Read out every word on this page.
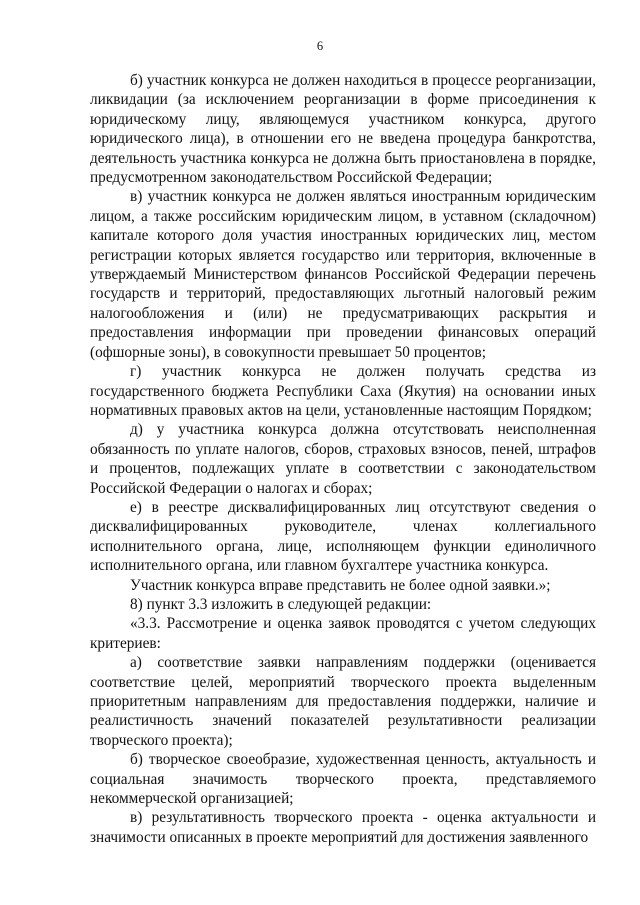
6

б) участник конкурса не должен находиться в процессе реорганизации, ликвидации (за исключением реорганизации в форме присоединения к юридическому лицу, являющемуся участником конкурса, другого юридического лица), в отношении его не введена процедура банкротства, деятельность участника конкурса не должна быть приостановлена в порядке, предусмотренном законодательством Российской Федерации;

в) участник конкурса не должен являться иностранным юридическим лицом, а также российским юридическим лицом, в уставном (складочном) капитале которого доля участия иностранных юридических лиц, местом регистрации которых является государство или территория, включенные в утверждаемый Министерством финансов Российской Федерации перечень государств и территорий, предоставляющих льготный налоговый режим налогообложения и (или) не предусматривающих раскрытия и предоставления информации при проведении финансовых операций (офшорные зоны), в совокупности превышает 50 процентов;

г) участник конкурса не должен получать средства из государственного бюджета Республики Саха (Якутия) на основании иных нормативных правовых актов на цели, установленные настоящим Порядком;

д) у участника конкурса должна отсутствовать неисполненная обязанность по уплате налогов, сборов, страховых взносов, пеней, штрафов и процентов, подлежащих уплате в соответствии с законодательством Российской Федерации о налогах и сборах;

е) в реестре дисквалифицированных лиц отсутствуют сведения о дисквалифицированных руководителе, членах коллегиального исполнительного органа, лице, исполняющем функции единоличного исполнительного органа, или главном бухгалтере участника конкурса.

Участник конкурса вправе представить не более одной заявки.»;

8) пункт 3.3 изложить в следующей редакции:

«3.3. Рассмотрение и оценка заявок проводятся с учетом следующих критериев:

а) соответствие заявки направлениям поддержки (оценивается соответствие целей, мероприятий творческого проекта выделенным приоритетным направлениям для предоставления поддержки, наличие и реалистичность значений показателей результативности реализации творческого проекта);

б) творческое своеобразие, художественная ценность, актуальность и социальная значимость творческого проекта, представляемого некоммерческой организацией;

в) результативность творческого проекта - оценка актуальности и значимости описанных в проекте мероприятий для достижения заявленного
